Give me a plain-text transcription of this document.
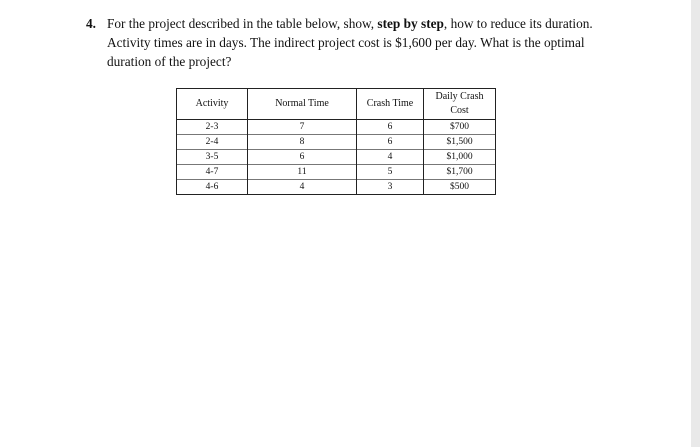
4. For the project described in the table below, show, step by step, how to reduce its duration.
Activity times are in days. The indirect project cost is $1,600 per day. What is the optimal
duration of the project?
Activity	Normal Time	Crash Time	Daily Crash
Cost
2-3	7	6	$700
2-4	8	6	$1,500
3-5	6	4	$1,000
4-7	11	5	$1,700
4-6	4	3	$500
